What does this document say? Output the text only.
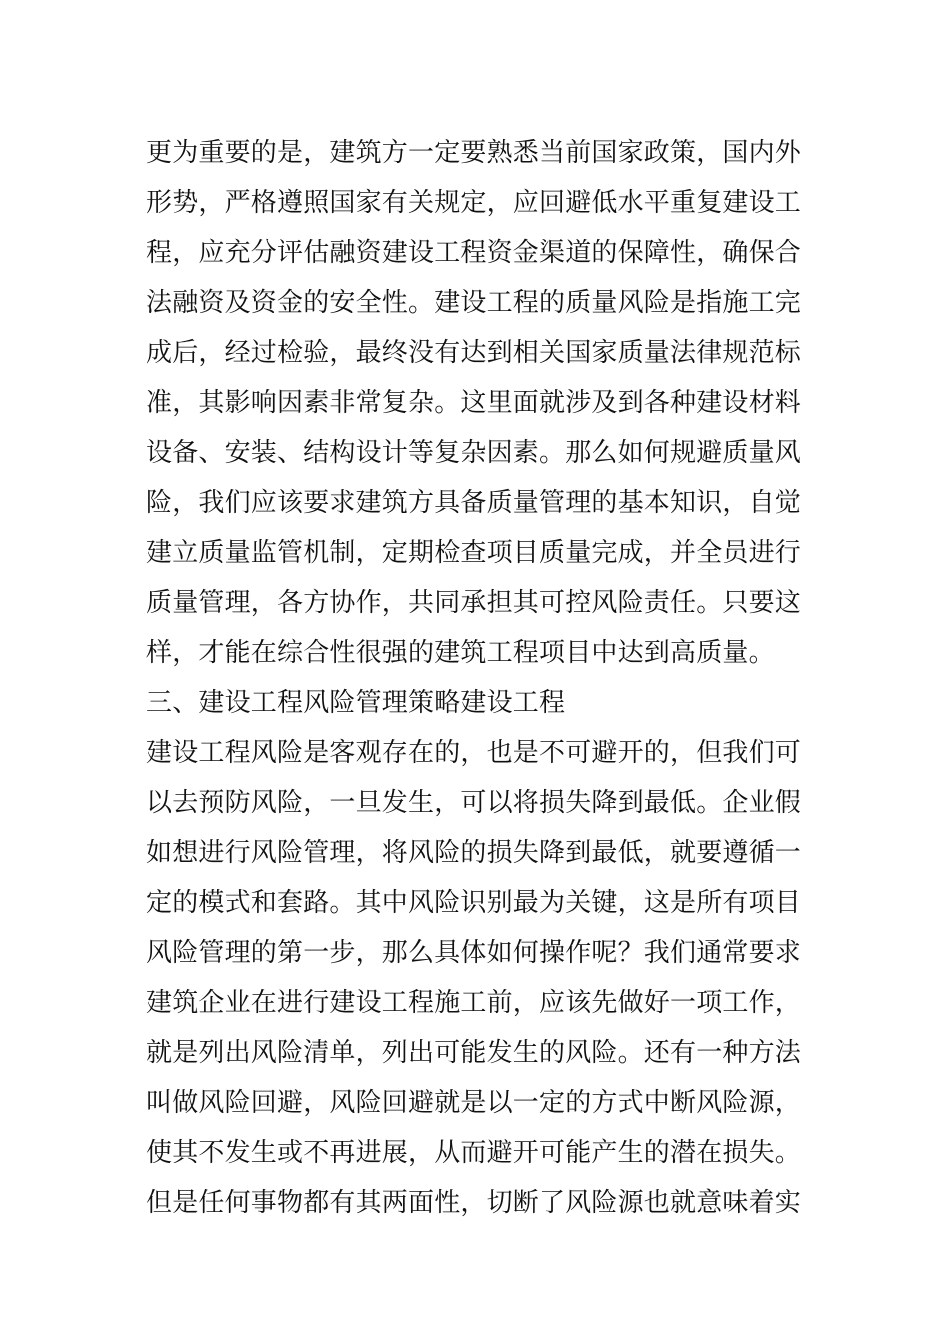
更为重要的是，建筑方一定要熟悉当前国家政策，国内外
形势，严格遵照国家有关规定，应回避低水平重复建设工
程，应充分评估融资建设工程资金渠道的保障性，确保合
法融资及资金的安全性。建设工程的质量风险是指施工完
成后，经过检验，最终没有达到相关国家质量法律规范标
准，其影响因素非常复杂。这里面就涉及到各种建设材料
设备、安装、结构设计等复杂因素。那么如何规避质量风
险，我们应该要求建筑方具备质量管理的基本知识，自觉
建立质量监管机制，定期检查项目质量完成，并全员进行
质量管理，各方协作，共同承担其可控风险责任。只要这
样，才能在综合性很强的建筑工程项目中达到高质量。
三、建设工程风险管理策略建设工程
建设工程风险是客观存在的，也是不可避开的，但我们可
以去预防风险，一旦发生，可以将损失降到最低。企业假
如想进行风险管理，将风险的损失降到最低，就要遵循一
定的模式和套路。其中风险识别最为关键，这是所有项目
风险管理的第一步，那么具体如何操作呢？我们通常要求
建筑企业在进行建设工程施工前，应该先做好一项工作，
就是列出风险清单，列出可能发生的风险。还有一种方法
叫做风险回避，风险回避就是以一定的方式中断风险源，
使其不发生或不再进展，从而避开可能产生的潜在损失。
但是任何事物都有其两面性，切断了风险源也就意味着实
